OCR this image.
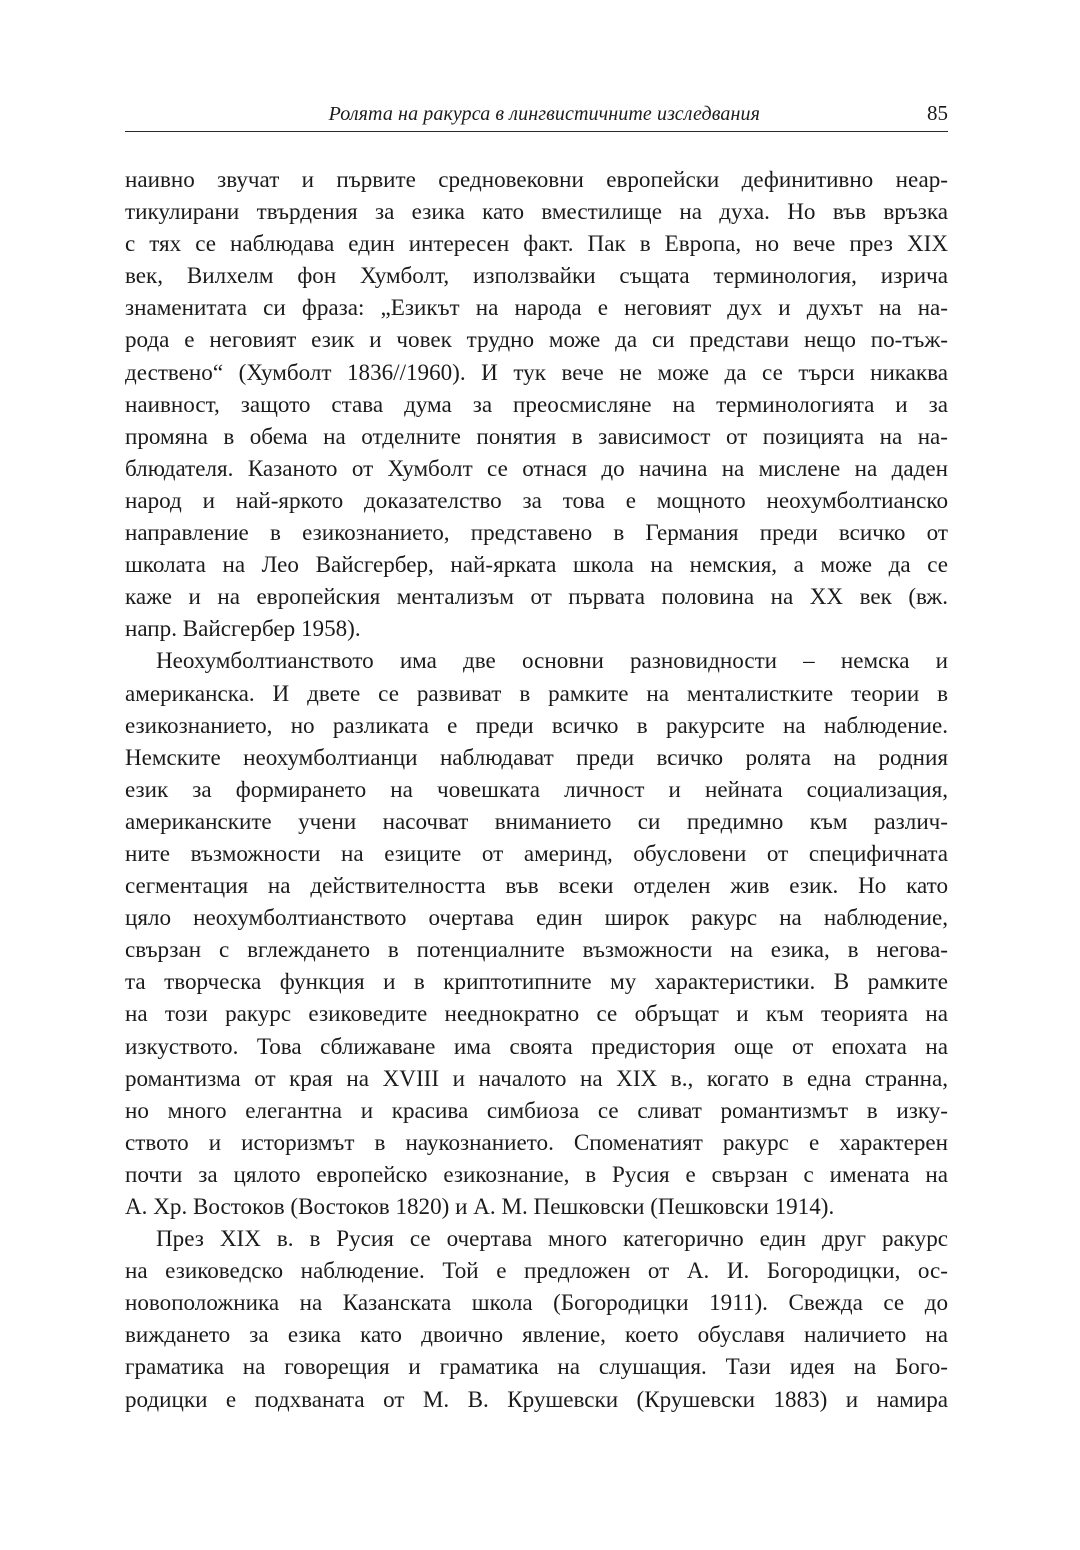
Ролята на ракурса в лингвистичните изследвания	85

наивно звучат и първите средновековни европейски дефинитивно неар-
тикулирани твърдения за езика като вместилище на духа. Но във връзка
с тях се наблюдава един интересен факт. Пак в Европа, но вече през XIX
век, Вилхелм фон Хумболт, използвайки същата терминология, изрича
знаменитата си фраза: „Езикът на народа е неговият дух и духът на на-
рода е неговият език и човек трудно може да си представи нещо по-тъж-
дествено“ (Хумболт 1836//1960). И тук вече не може да се търси никаква
наивност, защото става дума за преосмисляне на терминологията и за
промяна в обема на отделните понятия в зависимост от позицията на на-
блюдателя. Казаното от Хумболт се отнася до начина на мислене на даден
народ и най-яркото доказателство за това е мощното неохумболтианско
направление в езикознанието, представено в Германия преди всичко от
школата на Лео Вайсгербер, най-ярката школа на немския, а може да се
каже и на европейския ментализъм от първата половина на XX век (вж.
напр. Вайсгербер 1958).

Неохумболтианството има две основни разновидности – немска и
американска. И двете се развиват в рамките на менталистките теории в
езикознанието, но разликата е преди всичко в ракурсите на наблюдение.
Немските неохумболтианци наблюдават преди всичко ролята на родния
език за формирането на човешката личност и нейната социализация,
американските учени насочват вниманието си предимно към различ-
ните възможности на езиците от америнд, обусловени от специфичната
сегментация на действителността във всеки отделен жив език. Но като
цяло неохумболтианството очертава един широк ракурс на наблюдение,
свързан с вглеждането в потенциалните възможности на езика, в негова-
та творческа функция и в криптотипните му характеристики. В рамките
на този ракурс езиковедите нееднократно се обръщат и към теорията на
изкуството. Това сближаване има своята предистория още от епохата на
романтизма от края на XVIII и началото на XIX в., когато в една странна,
но много елегантна и красива симбиоза се сливат романтизмът в изку-
ството и историзмът в наукознанието. Споменатият ракурс е характерен
почти за цялото европейско езикознание, в Русия е свързан с имената на
А. Хр. Востоков (Востоков 1820) и А. М. Пешковски (Пешковски 1914).

През XIX в. в Русия се очертава много категорично един друг ракурс
на езиковедско наблюдение. Той е предложен от А. И. Богородицки, ос-
новоположника на Казанската школа (Богородицки 1911). Свежда се до
виждането за езика като двоично явление, което обуславя наличието на
граматика на говорещия и граматика на слушащия. Тази идея на Бого-
родицки е подхваната от М. В. Крушевски (Крушевски 1883) и намира
